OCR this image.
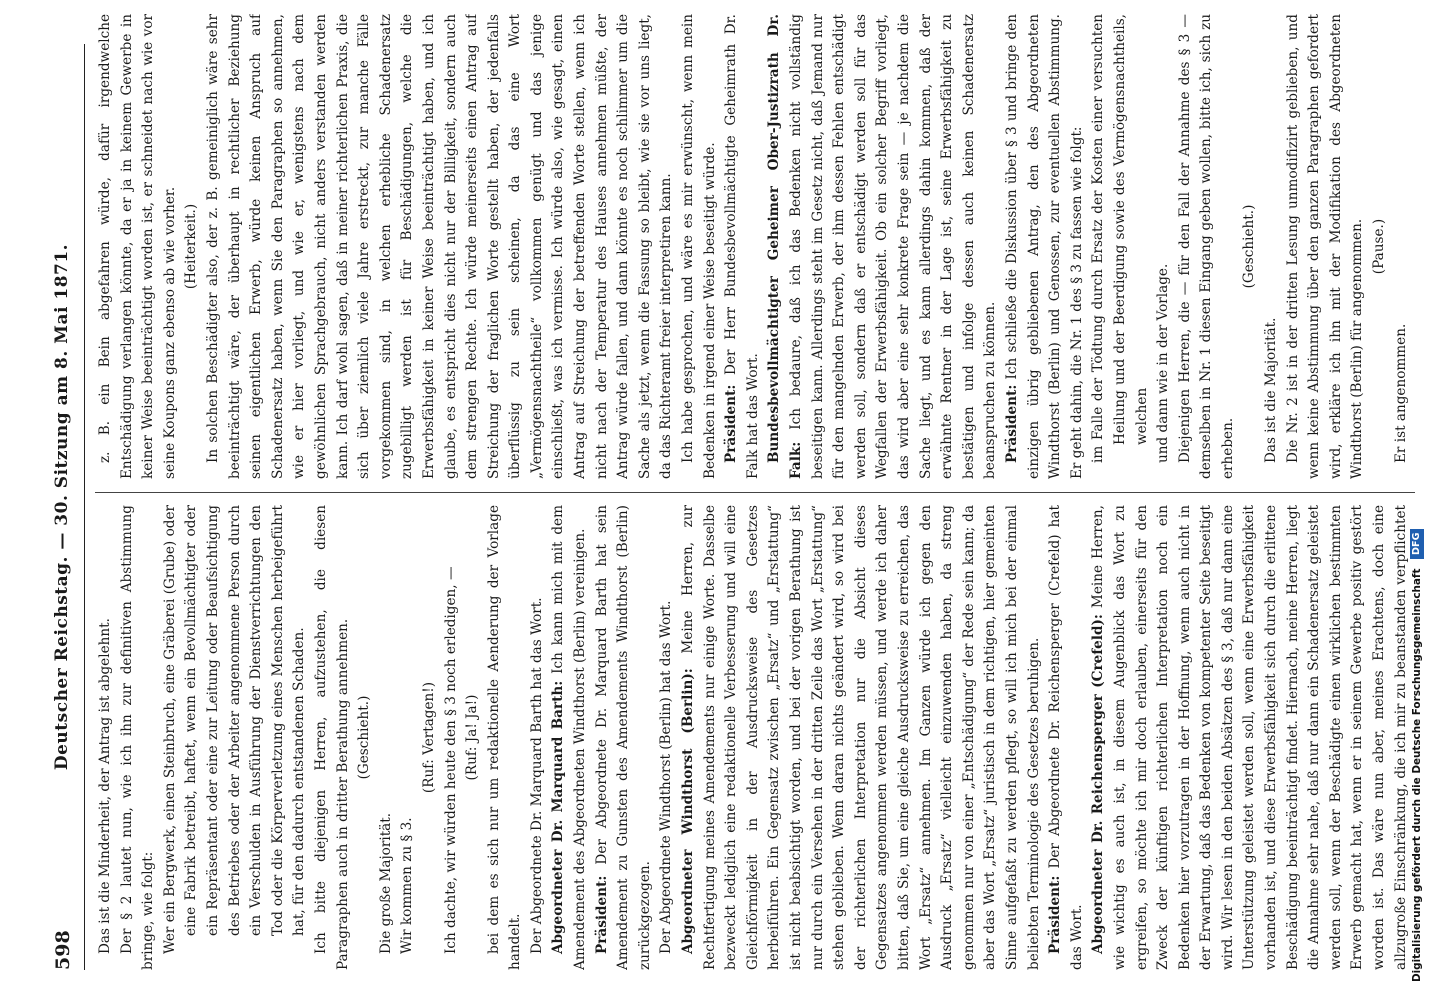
598
Deutscher Reichstag. — 30. Sitzung am 8. Mai 1871.

Das ist die Minderheit, der Antrag ist abgelehnt. Der § 2 lautet nun, wie ich ihn zur definitiven Abstimmung bringe, wie folgt: Wer ein Bergwerk, einen Steinbruch, eine Gräberei (Grube) oder eine Fabrik betreibt, haftet, wenn ein Bevollmächtigter oder ein Repräsentant oder eine zur Leitung oder Beaufsichtigung des Betriebes oder der Arbeiter angenommene Person durch ein Verschulden in Ausführung der Dienstverrichtungen den Tod oder die Körperverletzung eines Menschen herbeigeführt hat, für den dadurch entstandenen Schaden. Ich bitte diejenigen Herren, aufzustehen, die diesen Paragraphen auch in dritter Berathung annehmen. (Geschieht.)

Die große Majorität. Wir kommen zu § 3.

(Ruf: Vertagen!) Ich dachte, wir würden heute den § 3 noch erledigen, — (Ruf: Ja! Ja!) bei dem es sich nur um redaktionelle Aenderung der Vorlage handelt. Der Abgeordnete Dr. Marquard Barth hat das Wort. Abgeordneter Dr. Marquard Barth: Ich kann mich mit dem Amendement des Abgeordneten Windthorst (Berlin) vereinigen. Präsident: Der Abgeordnete Dr. Marquard Barth hat sein Amendement zu Gunsten des Amendements Windthorst (Berlin) zurückgezogen. Der Abgeordnete Windthorst (Berlin) hat das Wort. Abgeordneter Windthorst (Berlin): Meine Herren, zur Rechtfertigung meines Amendements nur einige Worte. Dasselbe bezweckt lediglich eine redaktionelle Verbesserung und will eine Gleichförmigkeit in der Ausdrucksweise des Gesetzes herbeiführen. Ein Gegensatz zwischen „Ersatz“ und „Erstattung“ ist nicht beabsichtigt worden, und bei der vorigen Berathung ist nur durch ein Versehen in der dritten Zeile das Wort „Erstattung“ stehen geblieben. Wenn daran nichts geändert wird, so wird bei der richterlichen Interpretation nur die Absicht dieses Gegensatzes angenommen werden müssen, und werde ich daher bitten, daß Sie, um eine gleiche Ausdrucksweise zu erreichen, das Wort „Ersatz“ annehmen. Im Ganzen würde ich gegen den Ausdruck „Ersatz“ vielleicht einzuwenden haben, da streng genommen nur von einer „Entschädigung“ der Rede sein kann; da aber das Wort „Ersatz“ juristisch in dem richtigen, hier gemeinten Sinne aufgefaßt zu werden pflegt, so will ich mich bei der einmal beliebten Terminologie des Gesetzes beruhigen. Präsident: Der Abgeordnete Dr. Reichensperger (Crefeld) hat das Wort. Abgeordneter Dr. Reichensperger (Crefeld): Meine Herren, wie wichtig es auch ist, in diesem Augenblick das Wort zu ergreifen, so möchte ich mir doch erlauben, einerseits für den Zweck der künftigen richterlichen Interpretation noch ein Bedenken hier vorzutragen in der Hoffnung, wenn auch nicht in der Erwartung, daß das Bedenken von kompetenter Seite beseitigt wird. Wir lesen in den beiden Absätzen des § 3, daß nur dann eine Unterstützung geleistet werden soll, wenn eine Erwerbsfähigkeit vorhanden ist, und diese Erwerbsfähigkeit sich durch die erlittene Beschädigung beeinträchtigt findet. Hiernach, meine Herren, liegt die Annahme sehr nahe, daß nur dann ein Schadenersatz geleistet werden soll, wenn der Beschädigte einen wirklichen bestimmten Erwerb gemacht hat, wenn er in seinem Gewerbe positiv gestört worden ist. Das wäre nun aber, meines Erachtens, doch eine allzugroße Einschränkung, die ich mir zu beanstanden verpflichtet

z. B. ein Bein abgefahren würde, dafür irgendwelche Entschädigung verlangen könnte, da er ja in keinem Gewerbe in keiner Weise beeinträchtigt worden ist, er schneidet nach wie vor seine Koupons ganz ebenso ab wie vorher. (Heiterkeit.) In solchen Beschädigter also, der z. B. gemeiniglich wäre sehr beeinträchtigt wäre, der überhaupt in rechtlicher Beziehung seinen eigentlichen Erwerb, würde keinen Anspruch auf Schadenersatz haben, wenn Sie den Paragraphen so annehmen, wie er hier vorliegt, und wie er, wenigstens nach dem gewöhnlichen Sprachgebrauch, nicht anders verstanden werden kann. Ich darf wohl sagen, daß in meiner richterlichen Praxis, die sich über ziemlich viele Jahre erstreckt, zur manche Fälle vorgekommen sind, in welchen erhebliche Schadenersatz zugebilligt werden ist für Beschädigungen, welche die Erwerbsfähigkeit in keiner Weise beeinträchtigt haben, und ich glaube, es entspricht dies nicht nur der Billigkeit, sondern auch dem strengen Rechte. Ich würde meinerseits einen Antrag auf Streichung der fraglichen Worte gestellt haben, der jedenfalls überflüssig zu sein scheinen, da das eine Wort „Vermögensnachtheile“ vollkommen genügt und das jenige einschließt, was ich vermisse. Ich würde also, wie gesagt, einen Antrag auf Streichung der betreffenden Worte stellen, wenn ich nicht nach der Temperatur des Hauses annehmen müßte, der Antrag würde fallen, und dann könnte es noch schlimmer um die Sache als jetzt, wenn die Fassung so bleibt, wie sie vor uns liegt, da das Richteramt freier interpretiren kann. Ich habe gesprochen, und wäre es mir erwünscht, wenn mein Bedenken in irgend einer Weise beseitigt würde. Präsident: Der Herr Bundesbevollmächtigte Geheimrath Dr. Falk hat das Wort. Bundesbevollmächtigter Geheimer Ober-Justizrath Dr. Falk: Ich bedaure, daß ich das Bedenken nicht vollständig beseitigen kann. Allerdings steht im Gesetz nicht, daß Jemand nur für den mangelnden Erwerb, der ihm dessen Fehlen entschädigt werden soll, sondern daß er entschädigt werden soll für das Wegfallen der Erwerbsfähigkeit. Ob ein solcher Begriff vorliegt, das wird aber eine sehr konkrete Frage sein — je nachdem die Sache liegt, und es kann allerdings dahin kommen, daß der erwähnte Rentner in der Lage ist, seine Erwerbsfähigkeit zu bestätigen und infolge dessen auch keinen Schadenersatz beanspruchen zu können. Präsident: Ich schließe die Diskussion über § 3 und bringe den einzigen übrig gebliebenen Antrag, den des Abgeordneten Windthorst (Berlin) und Genossen, zur eventuellen Abstimmung. Er geht dahin, die Nr. 1 des § 3 zu fassen wie folgt: im Falle der Tödtung durch Ersatz der Kosten einer versuchten Heilung und der Beerdigung sowie des Vermögensnachtheils, welchen und dann wie in der Vorlage. Diejenigen Herren, die — für den Fall der Annahme des § 3 — demselben in Nr. 1 diesen Eingang geben wollen, bitte ich, sich zu erheben.

(Geschieht.)

Das ist die Majorität. Die Nr. 2 ist in der dritten Lesung unmodifizirt geblieben, und wenn keine Abstimmung über den ganzen Paragraphen gefordert wird, erkläre ich ihn mit der Modifikation des Abgeordneten Windthorst (Berlin) für angenommen. (Pause.)

Er ist angenommen.

Digitalisierung gefördert durch die Deutsche Forschungsgemeinschaft DFG
